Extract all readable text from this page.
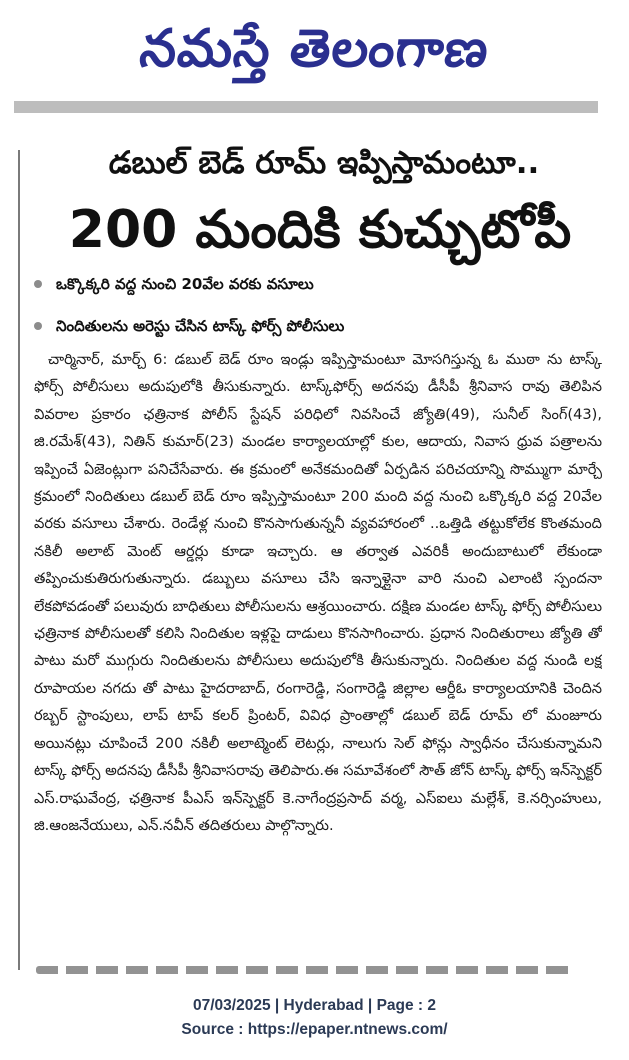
నమస్తే తెలంగాణ
డబుల్ బెడ్ రూమ్ ఇప్పిస్తామంటూ..
200 మందికి కుచ్చుటోపీ
ఒక్కొక్కరి వద్ద నుంచి 20వేల వరకు వసూలు
నిందితులను అరెస్టు చేసిన టాస్క్ ఫోర్స్ పోలీసులు
చార్మినార్, మార్చ్ 6: డబుల్ బెడ్ రూం ఇండ్లు ఇప్పిస్తామంటూ మోసగిస్తున్న ఓ ముఠా ను టాస్క్ ఫోర్స్ పోలీసులు అదుపులోకి తీసుకున్నారు. టాస్క్‌ఫోర్స్ అదనపు డీసీపీ శ్రీనివాస రావు తెలిపిన వివరాల ప్రకారం ఛత్రినాక పోలీస్ స్టేషన్ పరిధిలో నివసించే జ్యోతి(49), సునీల్ సింగ్(43), జి.రమేశ్(43), నితిన్ కుమార్(23) మండల కార్యాలయాల్లో కుల, ఆదాయ, నివాస ధ్రువ పత్రాలను ఇప్పించే ఏజెంట్లుగా పనిచేసేవారు. ఈ క్రమంలో అనేకమందితో ఏర్పడిన పరిచయాన్ని సొమ్ముగా మార్చే క్రమంలో నిందితులు డబుల్ బెడ్ రూం ఇప్పిస్తామంటూ 200 మంది వద్ద నుంచి ఒక్కొక్కరి వద్ద 20వేల వరకు వసూలు చేశారు. రెండేళ్ల నుంచి కొనసాగుతున్ననీ వ్యవహారంలో ..ఒత్తిడి తట్టుకోలేక కొంతమంది నకిలీ అలాట్ మెంట్ ఆర్డర్లు కూడా ఇచ్చారు. ఆ తర్వాత ఎవరికీ అందుబాటులో లేకుండా తప్పించుకుతిరుగుతున్నారు. డబ్బులు వసూలు చేసి ఇన్నాళ్లైనా వారి నుంచి ఎలాంటి స్పందనా లేకపోవడంతో పలువురు బాధితులు పోలీసులను ఆశ్రయించారు. దక్షిణ మండల టాస్క్ ఫోర్స్ పోలీసులు ఛత్రినాక పోలీసులతో కలిసి నిందితుల ఇళ్లపై దాడులు కొనసాగించారు. ప్రధాన నిందితురాలు జ్యోతి తో పాటు మరో ముగ్గురు నిందితులను పోలీసులు అదుపులోకి తీసుకున్నారు. నిందితుల వద్ద నుండి లక్ష రూపాయల నగదు తో పాటు హైదరాబాద్, రంగారెడ్డి, సంగారెడ్డి జిల్లాల ఆర్డీఓ కార్యాలయానికి చెందిన రబ్బర్ స్టాంపులు, లాప్ టాప్ కలర్ ప్రింటర్, వివిధ ప్రాంతాల్లో డబుల్ బెడ్ రూమ్ లో మంజూరు అయినట్లు చూపించే 200 నకిలీ అలాట్మెంట్ లెటర్లు, నాలుగు సెల్ ఫోన్లు స్వాధీనం చేసుకున్నామని టాస్క్ ఫోర్స్ అదనపు డీసీపీ శ్రీనివాసరావు తెలిపారు.ఈ సమావేశంలో సౌత్ జోన్ టాస్క్ ఫోర్స్ ఇన్‌స్పెక్టర్ ఎస్.రాఘవేంద్ర, ఛత్రినాక పీఎస్ ఇన్‌స్పెక్టర్ కె.నాగేంద్రప్రసాద్ వర్మ, ఎస్ఐలు మల్లేశ్, కె.నర్సింహులు, జి.ఆంజనేయులు, ఎన్.నవీన్ తదితరులు పాల్గొన్నారు.
07/03/2025 | Hyderabad | Page : 2
Source : https://epaper.ntnews.com/
